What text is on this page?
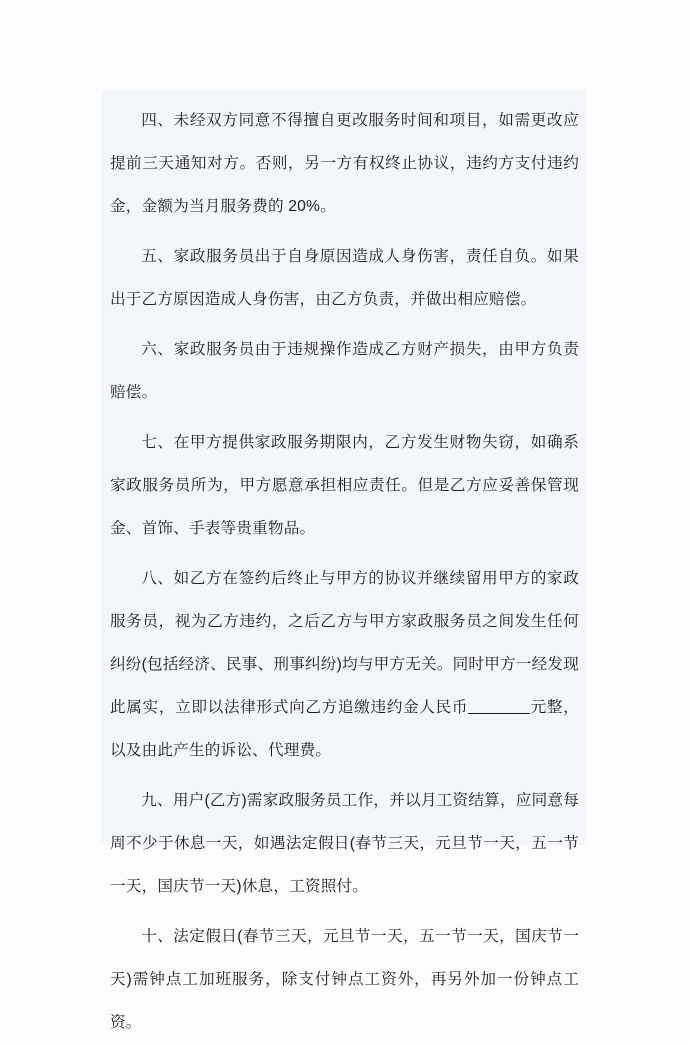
四、未经双方同意不得擅自更改服务时间和项目，如需更改应提前三天通知对方。否则，另一方有权终止协议，违约方支付违约金，金额为当月服务费的 20%。

五、家政服务员出于自身原因造成人身伤害，责任自负。如果出于乙方原因造成人身伤害，由乙方负责，并做出相应赔偿。

六、家政服务员由于违规操作造成乙方财产损失，由甲方负责赔偿。

七、在甲方提供家政服务期限内，乙方发生财物失窃，如确系家政服务员所为，甲方愿意承担相应责任。但是乙方应妥善保管现金、首饰、手表等贵重物品。

八、如乙方在签约后终止与甲方的协议并继续留用甲方的家政服务员，视为乙方违约，之后乙方与甲方家政服务员之间发生任何纠纷(包括经济、民事、刑事纠纷)均与甲方无关。同时甲方一经发现此属实，立即以法律形式向乙方追缴违约金人民币	元整，以及由此产生的诉讼、代理费。

九、用户(乙方)需家政服务员工作，并以月工资结算，应同意每周不少于休息一天，如遇法定假日(春节三天，元旦节一天，五一节一天，国庆节一天)休息，工资照付。

十、法定假日(春节三天，元旦节一天，五一节一天，国庆节一天)需钟点工加班服务，除支付钟点工资外，再另外加一份钟点工资。
